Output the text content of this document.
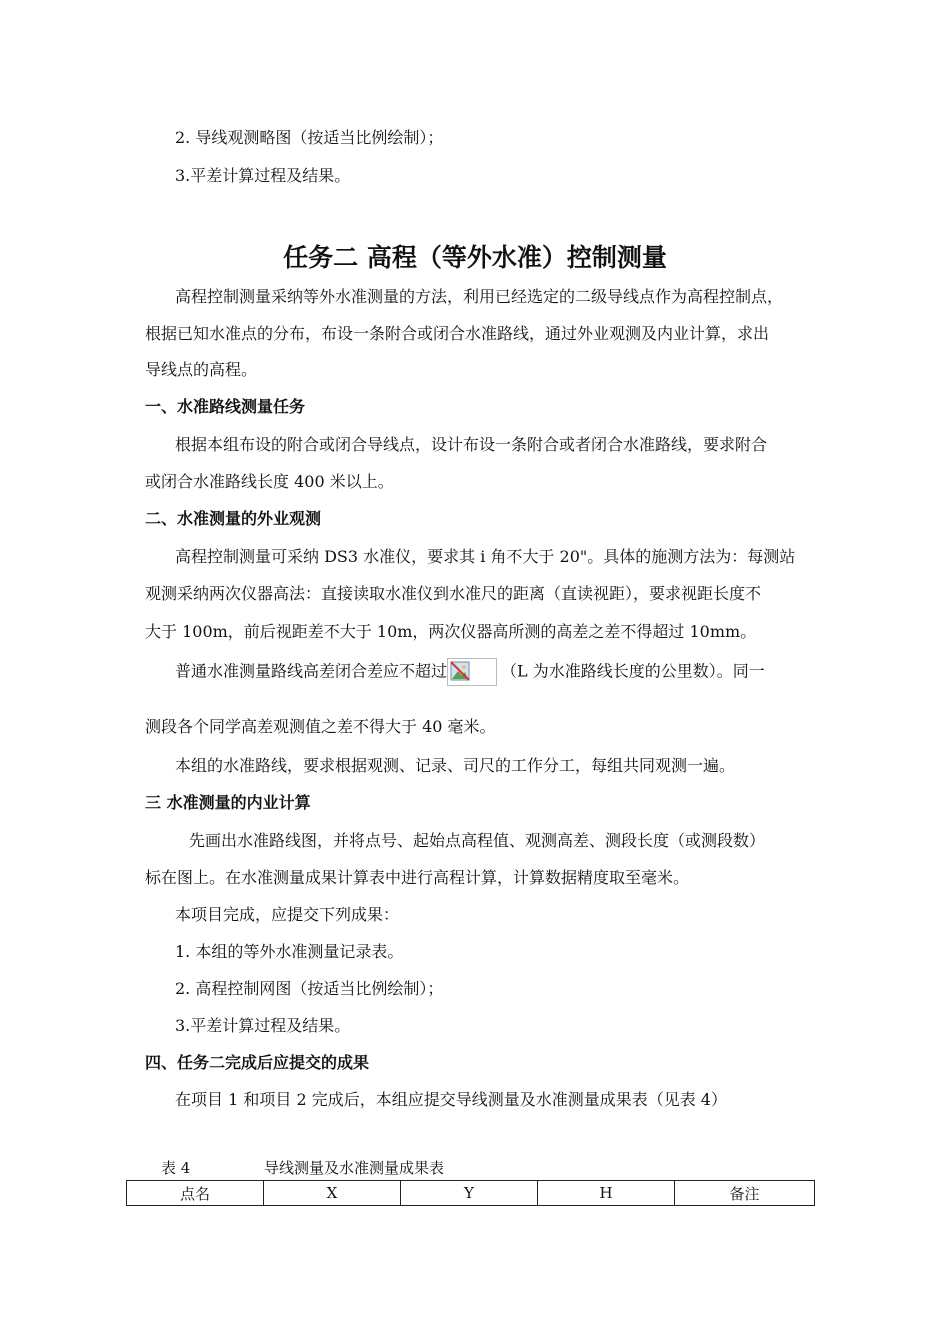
2. 导线观测略图（按适当比例绘制）；
3.平差计算过程及结果。
任务二 高程（等外水准）控制测量
高程控制测量采纳等外水准测量的方法，利用已经选定的二级导线点作为高程控制点，
根据已知水准点的分布，布设一条附合或闭合水准路线，通过外业观测及内业计算，求出
导线点的高程。
一、水准路线测量任务
根据本组布设的附合或闭合导线点，设计布设一条附合或者闭合水准路线，要求附合
或闭合水准路线长度 400 米以上。
二、水准测量的外业观测
高程控制测量可采纳 DS3 水准仪，要求其 i 角不大于 20"。具体的施测方法为：每测站
观测采纳两次仪器高法：直接读取水准仪到水准尺的距离（直读视距），要求视距长度不
大于 100m，前后视距差不大于 10m，两次仪器高所测的高差之差不得超过 10mm。
普通水准测量路线高差闭合差应不超过	（L 为水准路线长度的公里数）。同一
测段各个同学高差观测值之差不得大于 40 毫米。
本组的水准路线，要求根据观测、记录、司尺的工作分工，每组共同观测一遍。
三 水准测量的内业计算
先画出水准路线图，并将点号、起始点高程值、观测高差、测段长度（或测段数）
标在图上。在水准测量成果计算表中进行高程计算，计算数据精度取至毫米。
本项目完成，应提交下列成果：
1. 本组的等外水准测量记录表。
2. 高程控制网图（按适当比例绘制）；
3.平差计算过程及结果。
四、任务二完成后应提交的成果
在项目 1 和项目 2 完成后，本组应提交导线测量及水准测量成果表（见表 4）
表 4	导线测量及水准测量成果表
点名	X	Y	H	备注
